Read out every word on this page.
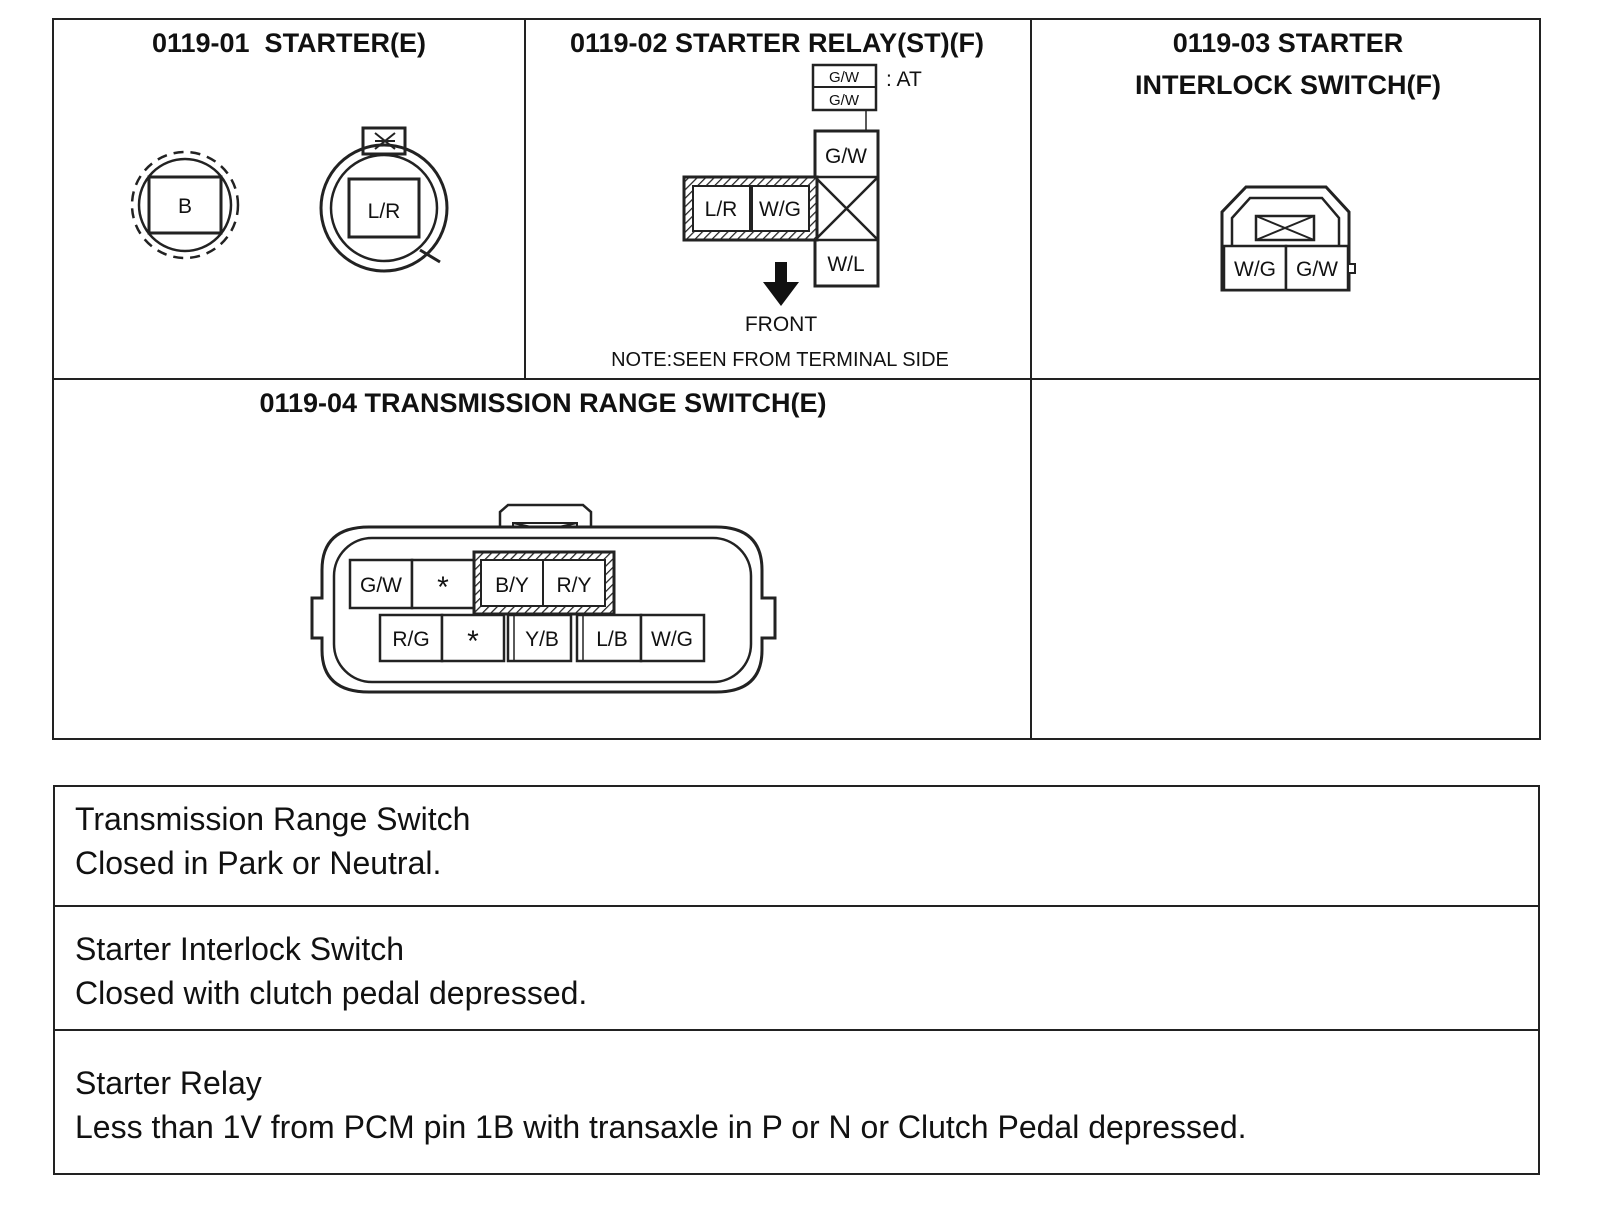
0119-01  STARTER(E)
B	L/R
0119-02 STARTER RELAY(ST)(F)
G/W
G/W
: AT
G/W
W/L
L/R W/G
FRONT
NOTE:SEEN FROM TERMINAL SIDE
0119-03 STARTER
INTERLOCK SWITCH(F)
W/G G/W
0119-04 TRANSMISSION RANGE SWITCH(E)
G/W * B/Y R/Y
R/G * Y/B L/B W/G
Transmission Range Switch
Closed in Park or Neutral.
Starter Interlock Switch
Closed with clutch pedal depressed.
Starter Relay
Less than 1V from PCM pin 1B with transaxle in P or N or Clutch Pedal depressed.
